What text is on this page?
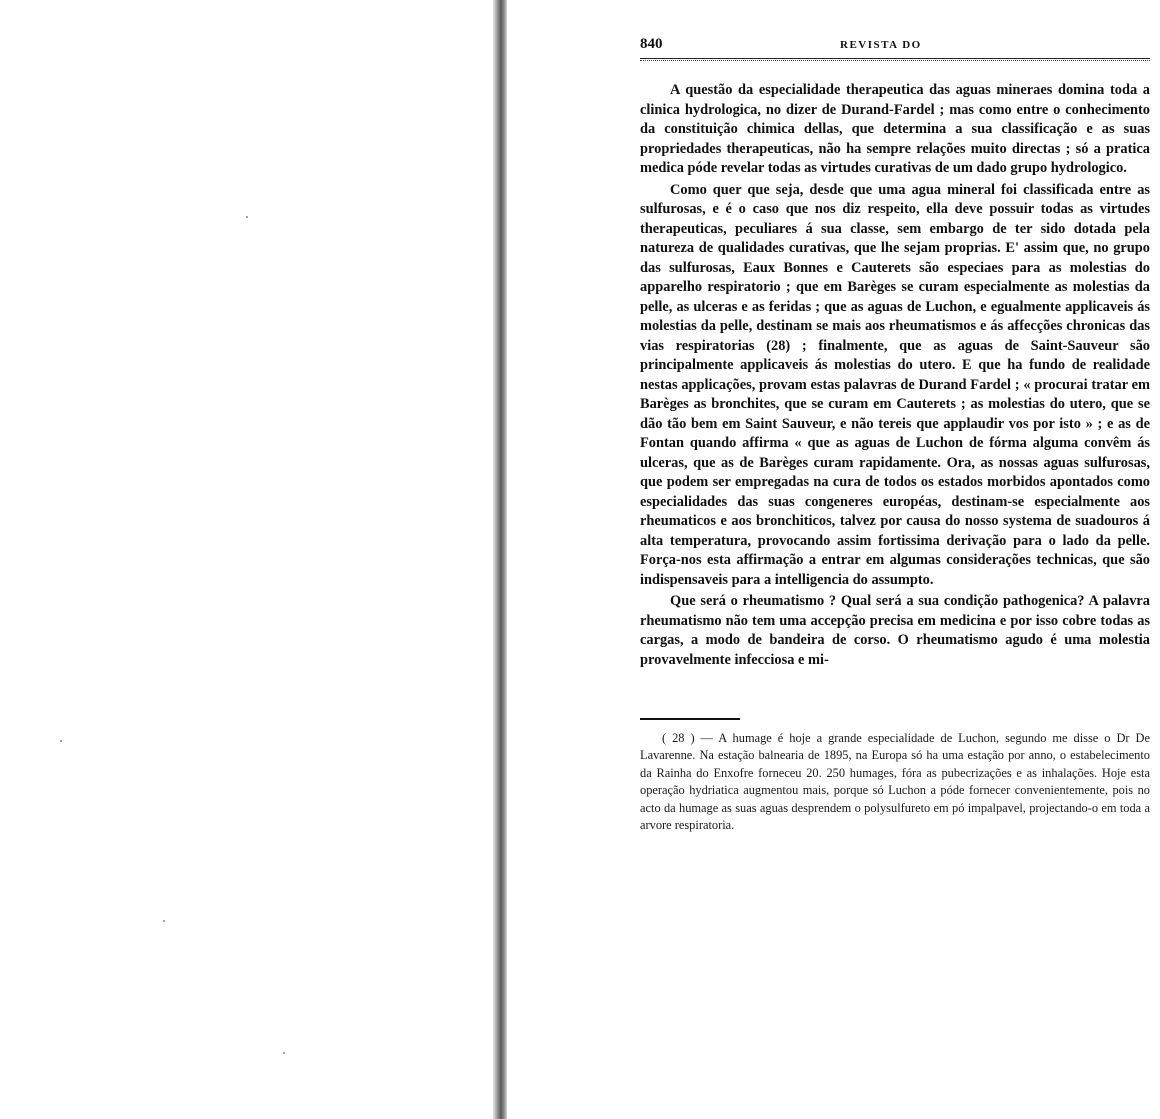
840	REVISTA DO

A questão da especialidade therapeutica das aguas mineraes domina toda a clinica hydrologica, no dizer de Durand-Fardel ; mas como entre o conhecimento da constituição chimica dellas, que determina a sua classificação e as suas propriedades therapeuticas, não ha sempre relações muito directas ; só a pratica medica póde revelar todas as virtudes curativas de um dado grupo hydrologico.

Como quer que seja, desde que uma agua mineral foi classificada entre as sulfurosas, e é o caso que nos diz respeito, ella deve possuir todas as virtudes therapeuticas, peculiares á sua classe, sem embargo de ter sido dotada pela natureza de qualidades curativas, que lhe sejam proprias. E' assim que, no grupo das sulfurosas, Eaux Bonnes e Cauterets são especiaes para as molestias do apparelho respiratorio ; que em Barèges se curam especialmente as molestias da pelle, as ulceras e as feridas ; que as aguas de Luchon, e egualmente applicaveis ás molestias da pelle, destinam se mais aos rheumatismos e ás affecções chronicas das vias respiratorias (28) ; finalmente, que as aguas de Saint-Sauveur são principalmente applicaveis ás molestias do utero. E que ha fundo de realidade nestas applicações, provam estas palavras de Durand Fardel ; « procurai tratar em Barèges as bronchites, que se curam em Cauterets ; as molestias do utero, que se dão tão bem em Saint Sauveur, e não tereis que applaudir vos por isto » ; e as de Fontan quando affirma « que as aguas de Luchon de fórma alguma convêm ás ulceras, que as de Barèges curam rapidamente. Ora, as nossas aguas sulfurosas, que podem ser empregadas na cura de todos os estados morbidos apontados como especialidades das suas congeneres européas, destinam-se especialmente aos rheumaticos e aos bronchiticos, talvez por causa do nosso systema de suadouros á alta temperatura, provocando assim fortissima derivação para o lado da pelle. Força-nos esta affirmação a entrar em algumas considerações technicas, que são indispensaveis para a intelligencia do assumpto.

Que será o rheumatismo ? Qual será a sua condição pathogenica? A palavra rheumatismo não tem uma accepção precisa em medicina e por isso cobre todas as cargas, a modo de bandeira de corso. O rheumatismo agudo é uma molestia provavelmente infecciosa e mi-

( 28 ) — A humage é hoje a grande especialidade de Luchon, segundo me disse o Dr De Lavarenne. Na estação balnearia de 1895, na Europa só ha uma estação por anno, o estabelecimento da Rainha do Enxofre forneceu 20. 250 humages, fóra as pubecrizações e as inhalações. Hoje esta operação hydriatica augmentou mais, porque só Luchon a póde fornecer convenientemente, pois no acto da humage as suas aguas desprendem o polysulfureto em pó impalpavel, projectando-o em toda a arvore respiratoria.
